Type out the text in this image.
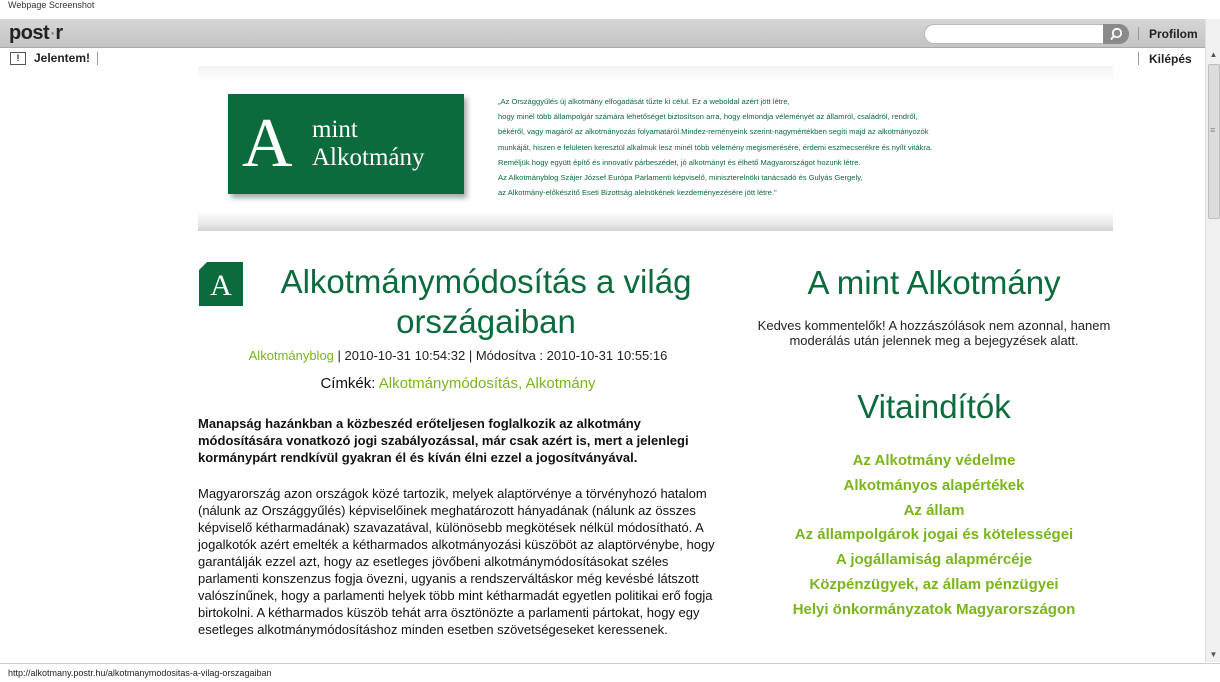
Webpage Screenshot
post·r	Profilom
!	Jelentem!	Kilépés	▲
≡
▼
A mint
Alkotmány
„Az Országgyűlés új alkotmány elfogadását tűzte ki célul. Ez a weboldal azért jött létre,
hogy minél több állampolgár számára lehetőséget biztosítson arra, hogy elmondja véleményét az államról, családról, rendről,
békéről, vagy magáról az alkotmányozás folyamatáról.Mindez-reményeink szerint-nagymértékben segíti majd az alkotmányozók
munkáját, hiszen e felületen keresztül alkalmuk lesz minél több vélemény megismerésére, érdemi eszmecserékre és nyílt vitákra.
Reméljük hogy együtt építő és innovatív párbeszédet, jó alkotmányt és élhető Magyarországot hozunk létre.
Az Alkotmányblog Szájer József Európa Parlamenti képviselő, miniszterelnöki tanácsadó és Gulyás Gergely,
az Alkotmány-előkészítő Eseti Bizottság alelnökének kezdeményezésére jött létre."
A	Alkotmánymódosítás a világ országaiban
Alkotmányblog | 2010-10-31 10:54:32 | Módosítva : 2010-10-31 10:55:16
Címkék: Alkotmánymódosítás, Alkotmány
Manapság hazánkban a közbeszéd erőteljesen foglalkozik az alkotmány módosítására vonatkozó jogi szabályozással, már csak azért is, mert a jelenlegi kormánypárt rendkívül gyakran él és kíván élni ezzel a jogosítványával.
Magyarország azon országok közé tartozik, melyek alaptörvénye a törvényhozó hatalom (nálunk az Országgyűlés) képviselőinek meghatározott hányadának (nálunk az összes képviselő kétharmadának) szavazatával, különösebb megkötések nélkül módosítható. A jogalkotók azért emelték a kétharmados alkotmányozási küszöböt az alaptörvénybe, hogy garantálják ezzel azt, hogy az esetleges jövőbeni alkotmánymódosításokat széles parlamenti konszenzus fogja övezni, ugyanis a rendszerváltáskor még kevésbé látszott valószínűnek, hogy a parlamenti helyek több mint kétharmadát egyetlen politikai erő fogja birtokolni. A kétharmados küszöb tehát arra ösztönözte a parlamenti pártokat, hogy egy esetleges alkotmánymódosításhoz minden esetben szövetségeseket keressenek.
A mint Alkotmány
Kedves kommentelők! A hozzászólások nem azonnal, hanem moderálás után jelennek meg a bejegyzések alatt.
Vitaindítók
Az Alkotmány védelme
Alkotmányos alapértékek
Az állam
Az állampolgárok jogai és kötelességei
A jogállamiság alapmércéje
Közpénzügyek, az állam pénzügyei
Helyi önkormányzatok Magyarországon
http://alkotmany.postr.hu/alkotmanymodositas-a-vilag-orszagaiban
